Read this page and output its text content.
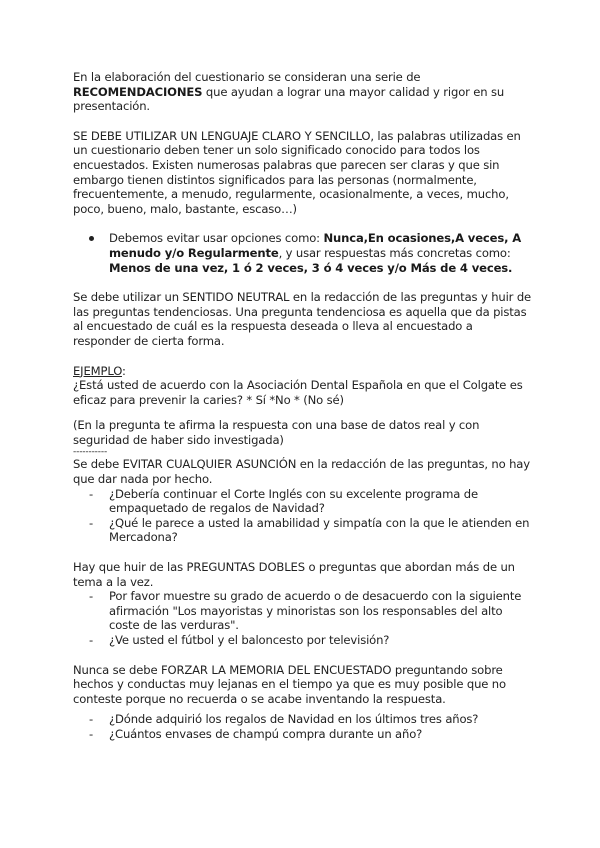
En la elaboración del cuestionario se consideran una serie de RECOMENDACIONES que ayudan a lograr una mayor calidad y rigor en su presentación.

SE DEBE UTILIZAR UN LENGUAJE CLARO Y SENCILLO, las palabras utilizadas en un cuestionario deben tener un solo significado conocido para todos los encuestados. Existen numerosas palabras que parecen ser claras y que sin embargo tienen distintos significados para las personas (normalmente, frecuentemente, a menudo, regularmente, ocasionalmente, a veces, mucho, poco, bueno, malo, bastante, escaso…)

Debemos evitar usar opciones como: Nunca,En ocasiones,A veces, A menudo y/o Regularmente, y usar respuestas más concretas como: Menos de una vez, 1 ó 2 veces, 3 ó 4 veces y/o Más de 4 veces.

Se debe utilizar un SENTIDO NEUTRAL en la redacción de las preguntas y huir de las preguntas tendenciosas. Una pregunta tendenciosa es aquella que da pistas al encuestado de cuál es la respuesta deseada o lleva al encuestado a responder de cierta forma.

EJEMPLO:

¿Está usted de acuerdo con la Asociación Dental Española en que el Colgate es eficaz para prevenir la caries? * Sí *No * (No sé)

(En la pregunta te afirma la respuesta con una base de datos real y con seguridad de haber sido investigada)

-----------

Se debe EVITAR CUALQUIER ASUNCIÓN en la redacción de las preguntas, no hay que dar nada por hecho.

- ¿Debería continuar el Corte Inglés con su excelente programa de empaquetado de regalos de Navidad?
- ¿Qué le parece a usted la amabilidad y simpatía con la que le atienden en Mercadona?

Hay que huir de las PREGUNTAS DOBLES o preguntas que abordan más de un tema a la vez.

- Por favor muestre su grado de acuerdo o de desacuerdo con la siguiente afirmación "Los mayoristas y minoristas son los responsables del alto coste de las verduras".
- ¿Ve usted el fútbol y el baloncesto por televisión?

Nunca se debe FORZAR LA MEMORIA DEL ENCUESTADO preguntando sobre hechos y conductas muy lejanas en el tiempo ya que es muy posible que no conteste porque no recuerda o se acabe inventando la respuesta.

- ¿Dónde adquirió los regalos de Navidad en los últimos tres años?
- ¿Cuántos envases de champú compra durante un año?
